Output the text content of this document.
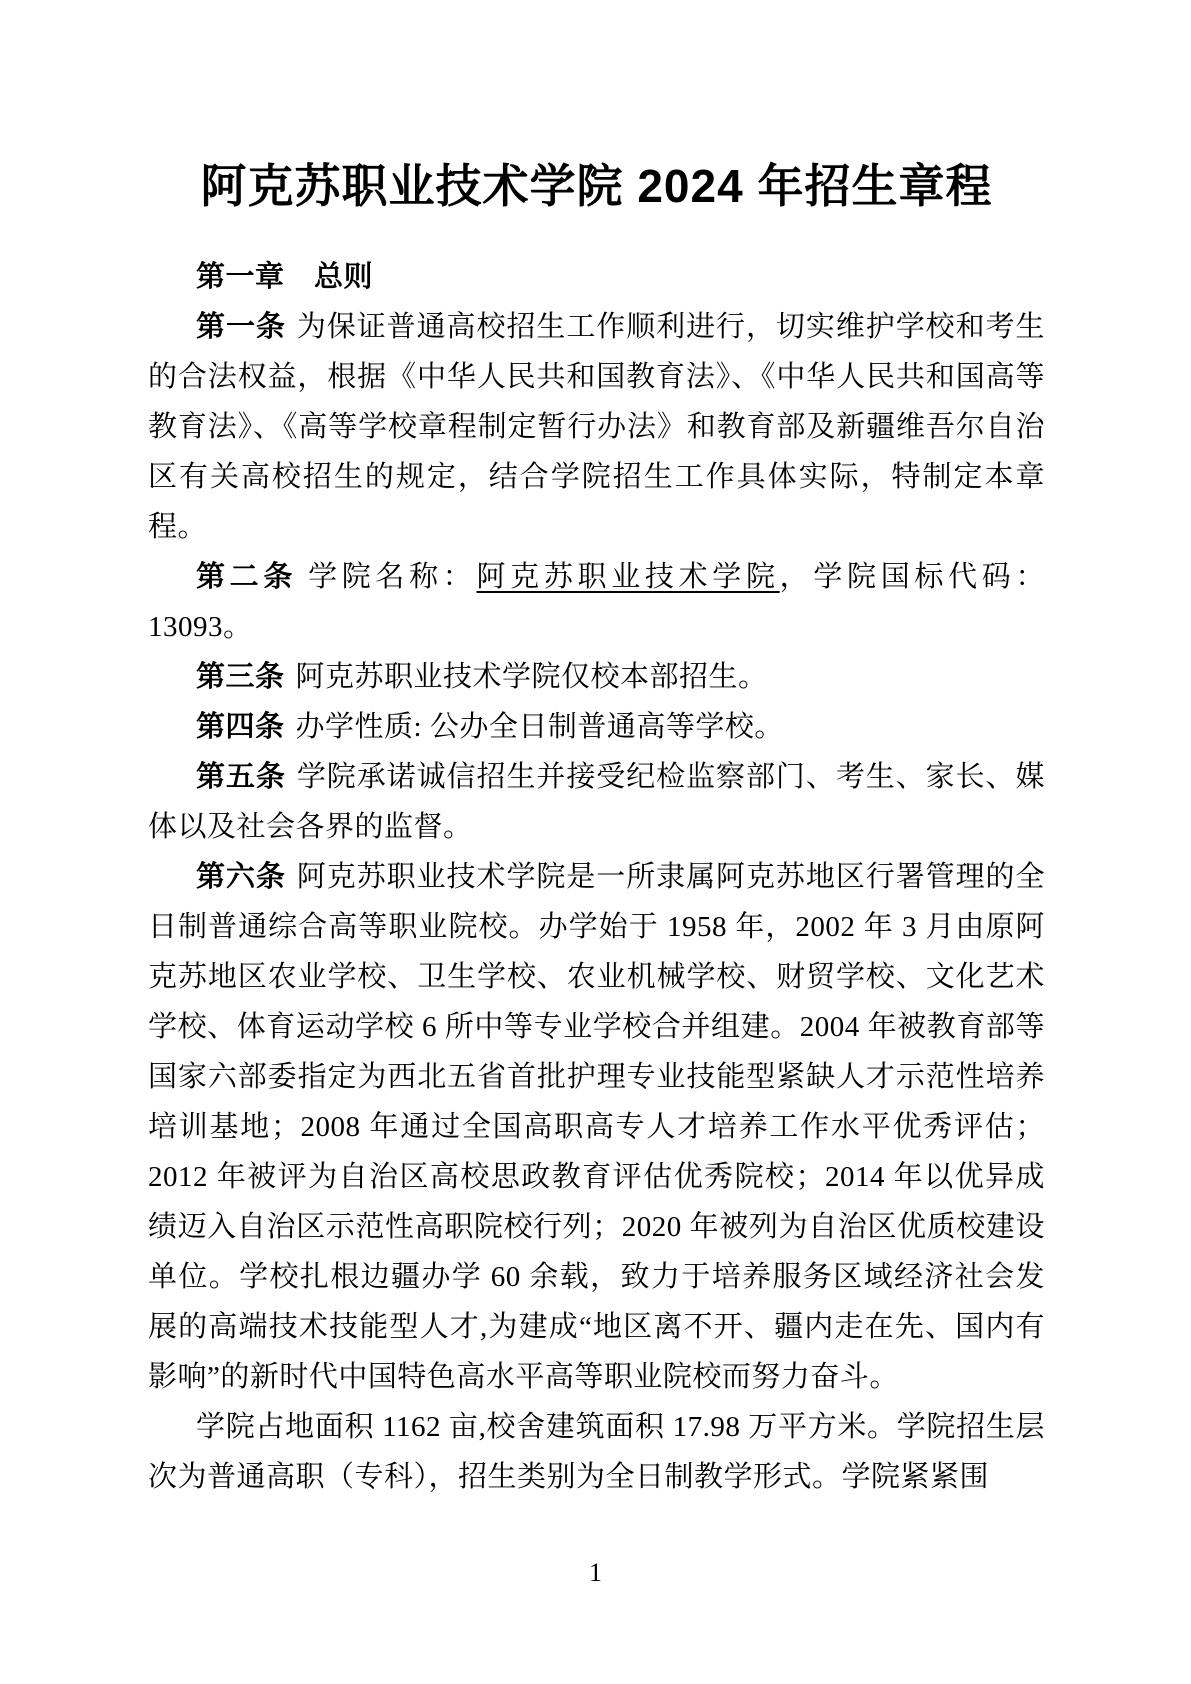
阿克苏职业技术学院 2024 年招生章程

第一章　总则

第一条 为保证普通高校招生工作顺利进行，切实维护学校和考生的合法权益，根据《中华人民共和国教育法》、《中华人民共和国高等教育法》、《高等学校章程制定暂行办法》和教育部及新疆维吾尔自治区有关高校招生的规定，结合学院招生工作具体实际，特制定本章程。

第二条 学院名称：阿克苏职业技术学院，学院国标代码：13093。

第三条 阿克苏职业技术学院仅校本部招生。

第四条 办学性质: 公办全日制普通高等学校。

第五条 学院承诺诚信招生并接受纪检监察部门、考生、家长、媒体以及社会各界的监督。

第六条 阿克苏职业技术学院是一所隶属阿克苏地区行署管理的全日制普通综合高等职业院校。办学始于 1958 年，2002 年 3 月由原阿克苏地区农业学校、卫生学校、农业机械学校、财贸学校、文化艺术学校、体育运动学校 6 所中等专业学校合并组建。2004 年被教育部等国家六部委指定为西北五省首批护理专业技能型紧缺人才示范性培养培训基地；2008 年通过全国高职高专人才培养工作水平优秀评估；2012 年被评为自治区高校思政教育评估优秀院校；2014 年以优异成绩迈入自治区示范性高职院校行列；2020 年被列为自治区优质校建设单位。学校扎根边疆办学 60 余载，致力于培养服务区域经济社会发展的高端技术技能型人才,为建成“地区离不开、疆内走在先、国内有影响”的新时代中国特色高水平高等职业院校而努力奋斗。

学院占地面积 1162 亩,校舍建筑面积 17.98 万平方米。学院招生层次为普通高职（专科），招生类别为全日制教学形式。学院紧紧围

1
